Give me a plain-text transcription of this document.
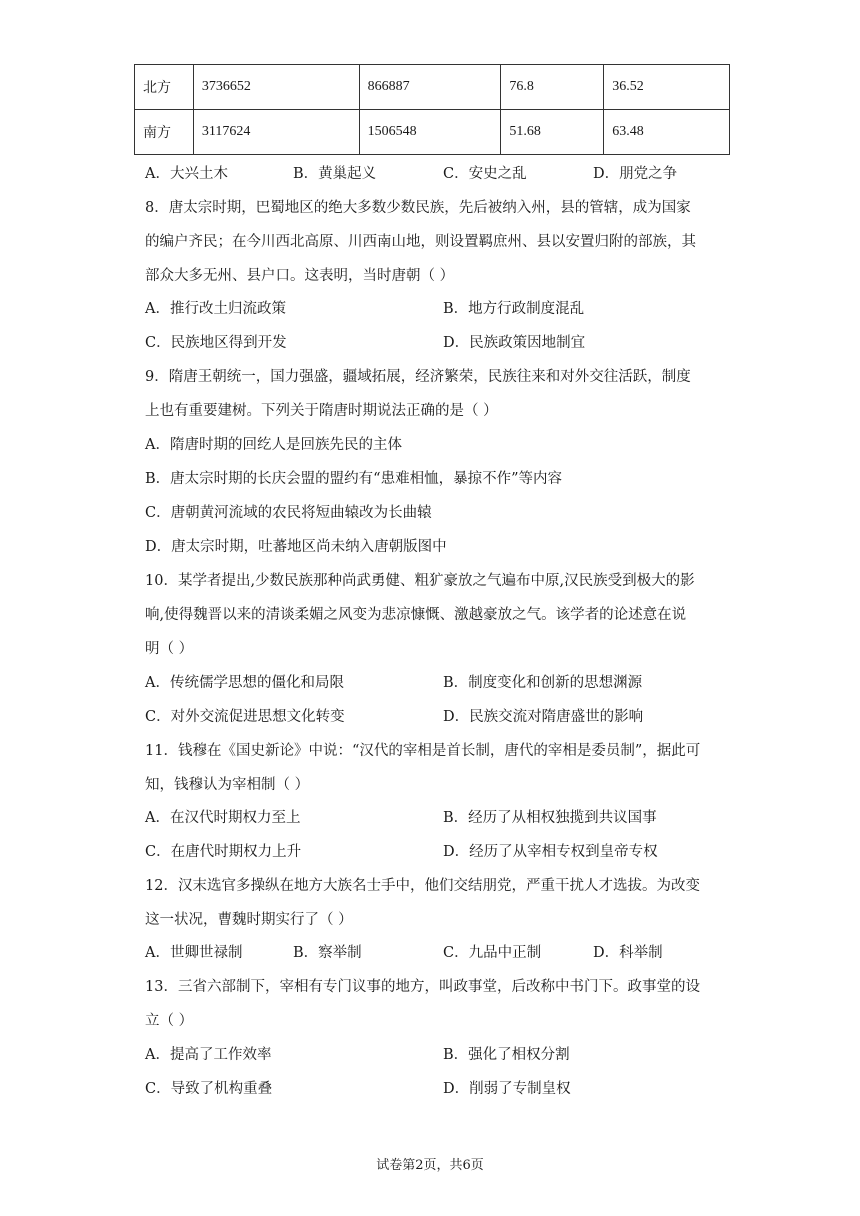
北方	3736652	866887	76.8	36.52
南方	3117624	1506548	51.68	63.48
A．大兴土木	B．黄巢起义	C．安史之乱	D．朋党之争
8．唐太宗时期，巴蜀地区的绝大多数少数民族，先后被纳入州，县的管辖，成为国家
的编户齐民；在今川西北高原、川西南山地，则设置羁庶州、县以安置归附的部族，其
部众大多无州、县户口。这表明，当时唐朝（ ）
A．推行改土归流政策	B．地方行政制度混乱
C．民族地区得到开发	D．民族政策因地制宜
9．隋唐王朝统一，国力强盛，疆域拓展，经济繁荣，民族往来和对外交往活跃，制度
上也有重要建树。下列关于隋唐时期说法正确的是（ ）
A．隋唐时期的回纥人是回族先民的主体
B．唐太宗时期的长庆会盟的盟约有“患难相恤，暴掠不作”等内容
C．唐朝黄河流域的农民将短曲辕改为长曲辕
D．唐太宗时期，吐蕃地区尚未纳入唐朝版图中
10．某学者提出,少数民族那种尚武勇健、粗犷豪放之气遍布中原,汉民族受到极大的影
响,使得魏晋以来的清谈柔媚之风变为悲凉慷慨、激越豪放之气。该学者的论述意在说
明（ ）
A．传统儒学思想的僵化和局限	B．制度变化和创新的思想渊源
C．对外交流促进思想文化转变	D．民族交流对隋唐盛世的影响
11．钱穆在《国史新论》中说：“汉代的宰相是首长制，唐代的宰相是委员制”，据此可
知，钱穆认为宰相制（ ）
A．在汉代时期权力至上	B．经历了从相权独揽到共议国事
C．在唐代时期权力上升	D．经历了从宰相专权到皇帝专权
12．汉末选官多操纵在地方大族名士手中，他们交结朋党，严重干扰人才选拔。为改变
这一状况，曹魏时期实行了（ ）
A．世卿世禄制	B．察举制	C．九品中正制	D．科举制
13．三省六部制下，宰相有专门议事的地方，叫政事堂，后改称中书门下。政事堂的设
立（ ）
A．提高了工作效率	B．强化了相权分割
C．导致了机构重叠	D．削弱了专制皇权
试卷第2页，共6页
